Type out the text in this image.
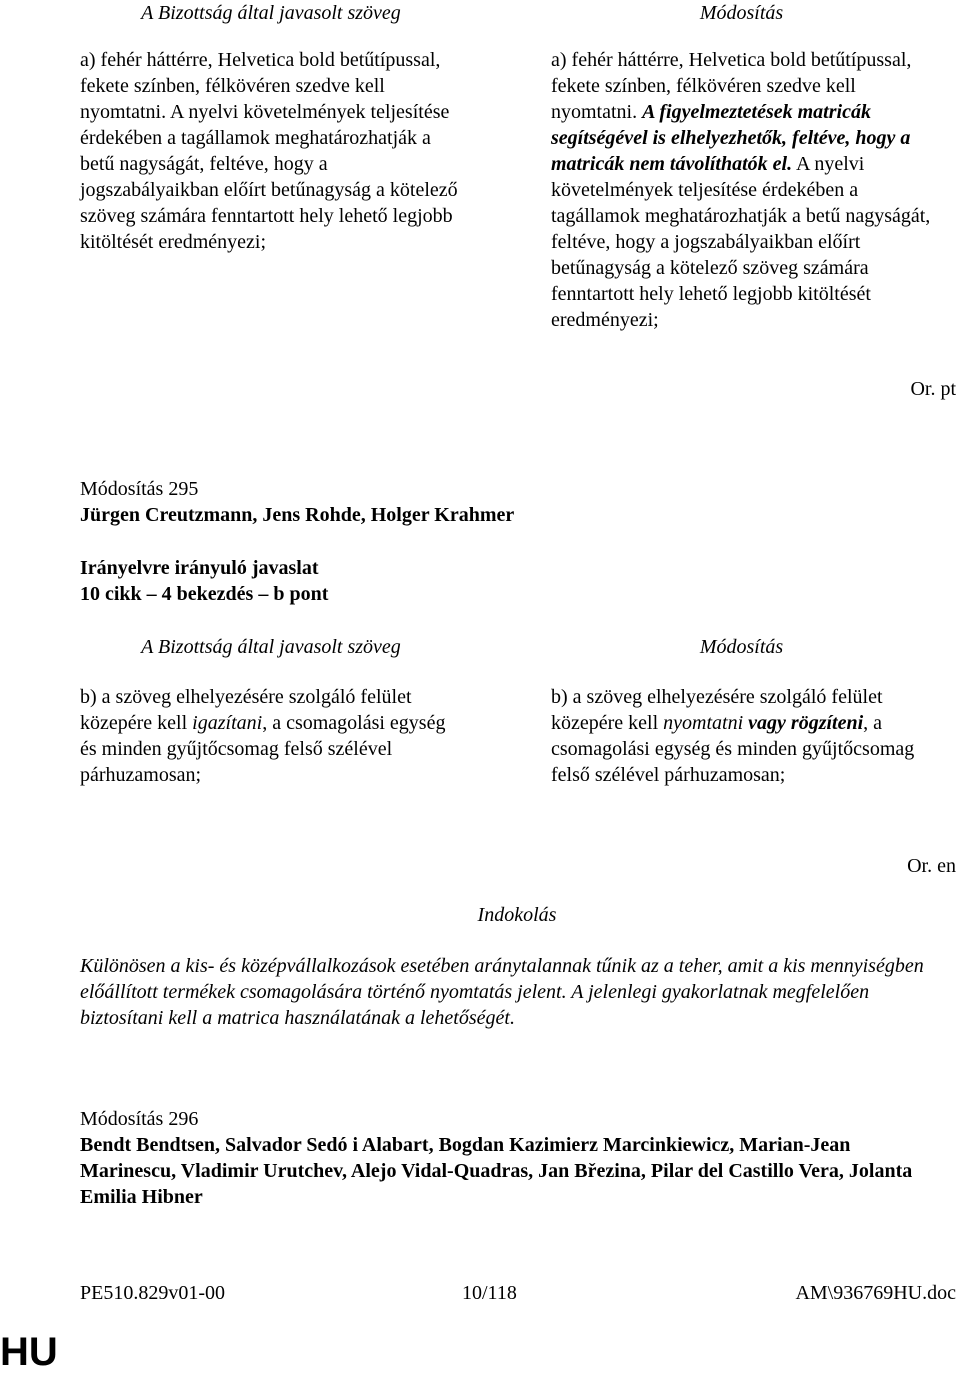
A Bizottság által javasolt szöveg	Módosítás

a) fehér háttérre, Helvetica bold betűtípussal, fekete színben, félkövéren szedve kell nyomtatni. A nyelvi követelmények teljesítése érdekében a tagállamok meghatározhatják a betű nagyságát, feltéve, hogy a jogszabályaikban előírt betűnagyság a kötelező szöveg számára fenntartott hely lehető legjobb kitöltését eredményezi;

a) fehér háttérre, Helvetica bold betűtípussal, fekete színben, félkövéren szedve kell nyomtatni. A figyelmeztetések matricák segítségével is elhelyezhetők, feltéve, hogy a matricák nem távolíthatók el. A nyelvi követelmények teljesítése érdekében a tagállamok meghatározhatják a betű nagyságát, feltéve, hogy a jogszabályaikban előírt betűnagyság a kötelező szöveg számára fenntartott hely lehető legjobb kitöltését eredményezi;

Or. pt
Módosítás 295
Jürgen Creutzmann, Jens Rohde, Holger Krahmer
Irányelvre irányuló javaslat
10 cikk – 4 bekezdés – b pont
A Bizottság által javasolt szöveg	Módosítás

b) a szöveg elhelyezésére szolgáló felület közepére kell igazítani, a csomagolási egység és minden gyűjtőcsomag felső szélével párhuzamosan;

b) a szöveg elhelyezésére szolgáló felület közepére kell nyomtatni vagy rögzíteni, a csomagolási egység és minden gyűjtőcsomag felső szélével párhuzamosan;

Or. en
Indokolás

Különösen a kis- és középvállalkozások esetében aránytalannak tűnik az a teher, amit a kis mennyiségben előállított termékek csomagolására történő nyomtatás jelent. A jelenlegi gyakorlatnak megfelelően biztosítani kell a matrica használatának a lehetőségét.

Módosítás 296
Bendt Bendtsen, Salvador Sedó i Alabart, Bogdan Kazimierz Marcinkiewicz, Marian-Jean Marinescu, Vladimir Urutchev, Alejo Vidal-Quadras, Jan Březina, Pilar del Castillo Vera, Jolanta Emilia Hibner
PE510.829v01-00	10/118	AM\936769HU.doc
HU
